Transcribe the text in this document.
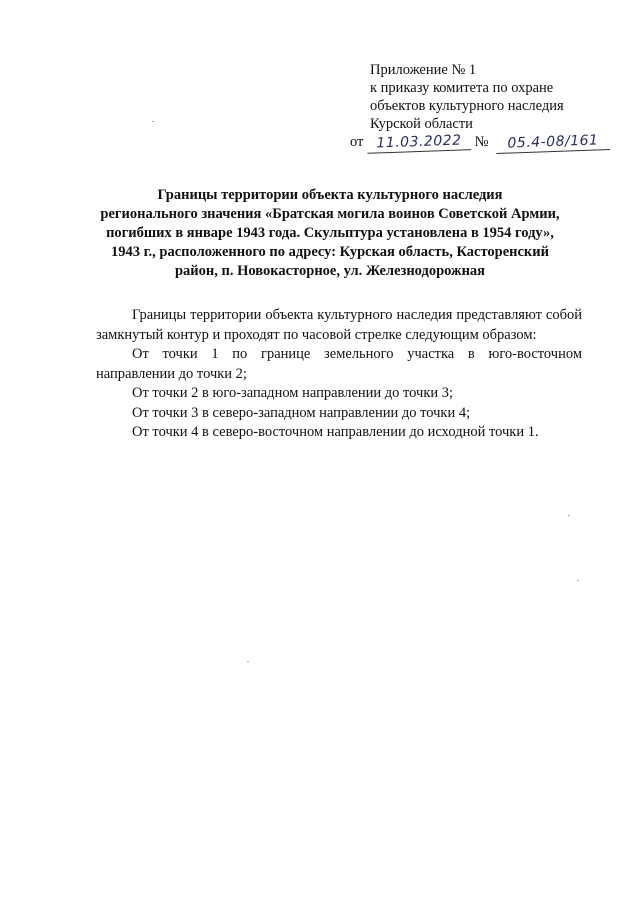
Приложение № 1
к приказу комитета по охране
объектов культурного наследия
Курской области
от 11.03.2022 № 05.4-08/161
Границы территории объекта культурного наследия
регионального значения «Братская могила воинов Советской Армии,
погибших в январе 1943 года. Скульптура установлена в 1954 году»,
1943 г., расположенного по адресу: Курская область, Касторенский
район, п. Новокасторное, ул. Железнодорожная

Границы территории объекта культурного наследия представляют собой замкнутый контур и проходят по часовой стрелке следующим образом:

От точки 1 по границе земельного участка в юго-восточном направлении до точки 2;

От точки 2 в юго-западном направлении до точки 3;

От точки 3 в северо-западном направлении до точки 4;

От точки 4 в северо-восточном направлении до исходной точки 1.
